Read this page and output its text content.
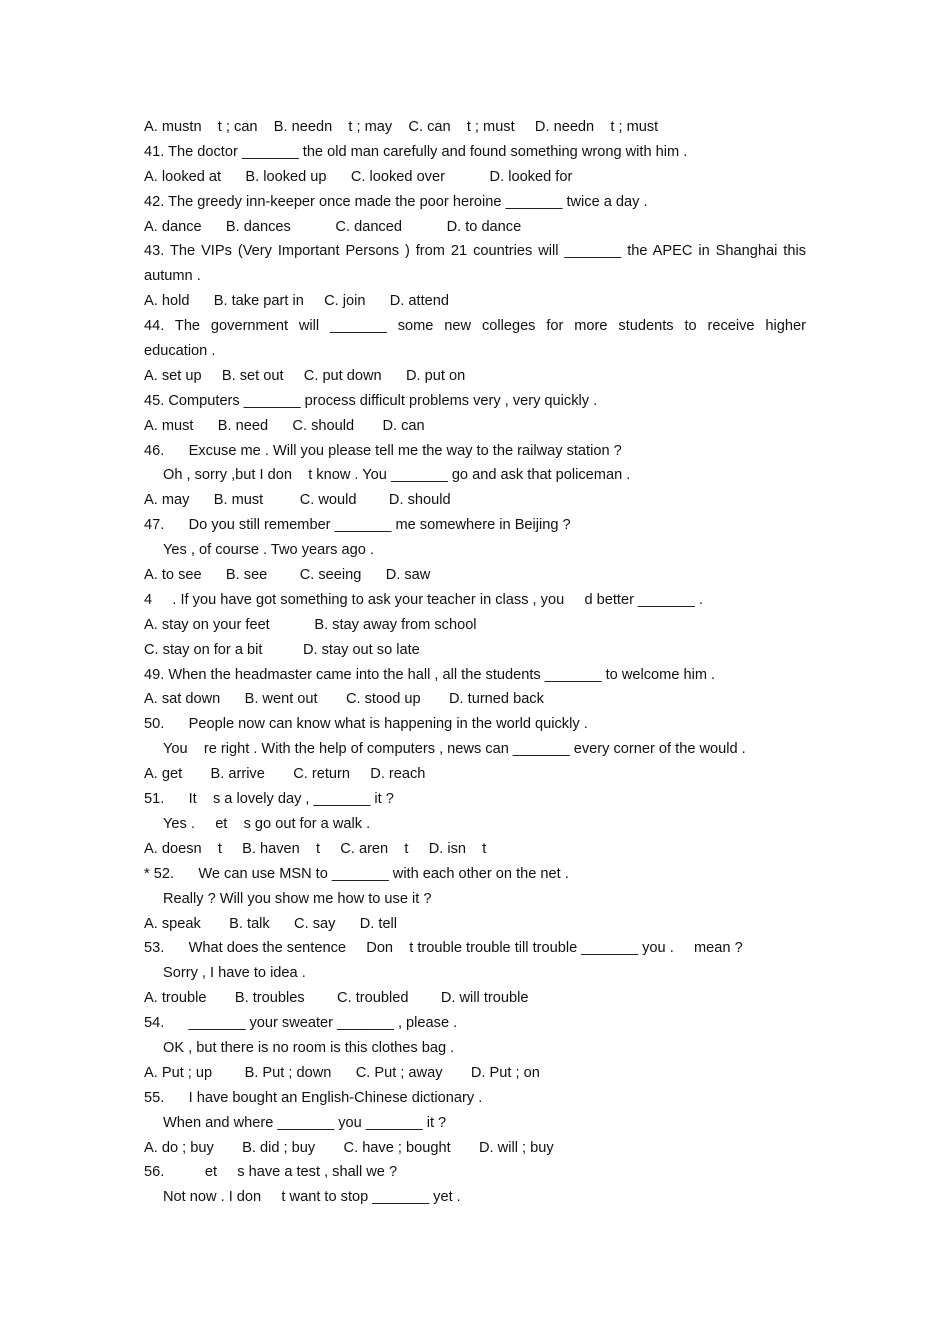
A. mustn    t ; can    B. needn    t ; may    C. can    t ; must     D. needn    t ; must
41. The doctor _______ the old man carefully and found something wrong with him .
A. looked at      B. looked up      C. looked over           D. looked for
42. The greedy inn-keeper once made the poor heroine _______ twice a day .
A. dance      B. dances           C. danced           D. to dance
43. The VIPs (Very Important Persons ) from 21 countries will _______ the APEC in Shanghai this
autumn .
A. hold      B. take part in     C. join      D. attend
44. The government will _______ some new colleges for more students to receive higher
education .
A. set up     B. set out     C. put down      D. put on
45. Computers _______ process difficult problems very , very quickly .
A. must      B. need      C. should       D. can
46.      Excuse me . Will you please tell me the way to the railway station ?
Oh , sorry ,but I don    t know . You _______ go and ask that policeman .
A. may      B. must         C. would        D. should
47.      Do you still remember _______ me somewhere in Beijing ?
Yes , of course . Two years ago .
A. to see      B. see        C. seeing      D. saw
4     . If you have got something to ask your teacher in class , you     d better _______ .
A. stay on your feet           B. stay away from school
C. stay on for a bit          D. stay out so late
49. When the headmaster came into the hall , all the students _______ to welcome him .
A. sat down      B. went out       C. stood up       D. turned back
50.      People now can know what is happening in the world quickly .
You    re right . With the help of computers , news can _______ every corner of the would .
A. get       B. arrive       C. return     D. reach
51.      It    s a lovely day , _______ it ?
Yes .     et    s go out for a walk .
A. doesn    t     B. haven    t     C. aren    t     D. isn    t
* 52.      We can use MSN to _______ with each other on the net .
Really ? Will you show me how to use it ?
A. speak       B. talk      C. say      D. tell
53.      What does the sentence     Don    t trouble trouble till trouble _______ you .     mean ?
Sorry , I have to idea .
A. trouble       B. troubles        C. troubled        D. will trouble
54.      _______ your sweater _______ , please .
OK , but there is no room is this clothes bag .
A. Put ; up        B. Put ; down      C. Put ; away       D. Put ; on
55.      I have bought an English-Chinese dictionary .
When and where _______ you _______ it ?
A. do ; buy       B. did ; buy       C. have ; bought       D. will ; buy
56.          et     s have a test , shall we ?
Not now . I don     t want to stop _______ yet .
